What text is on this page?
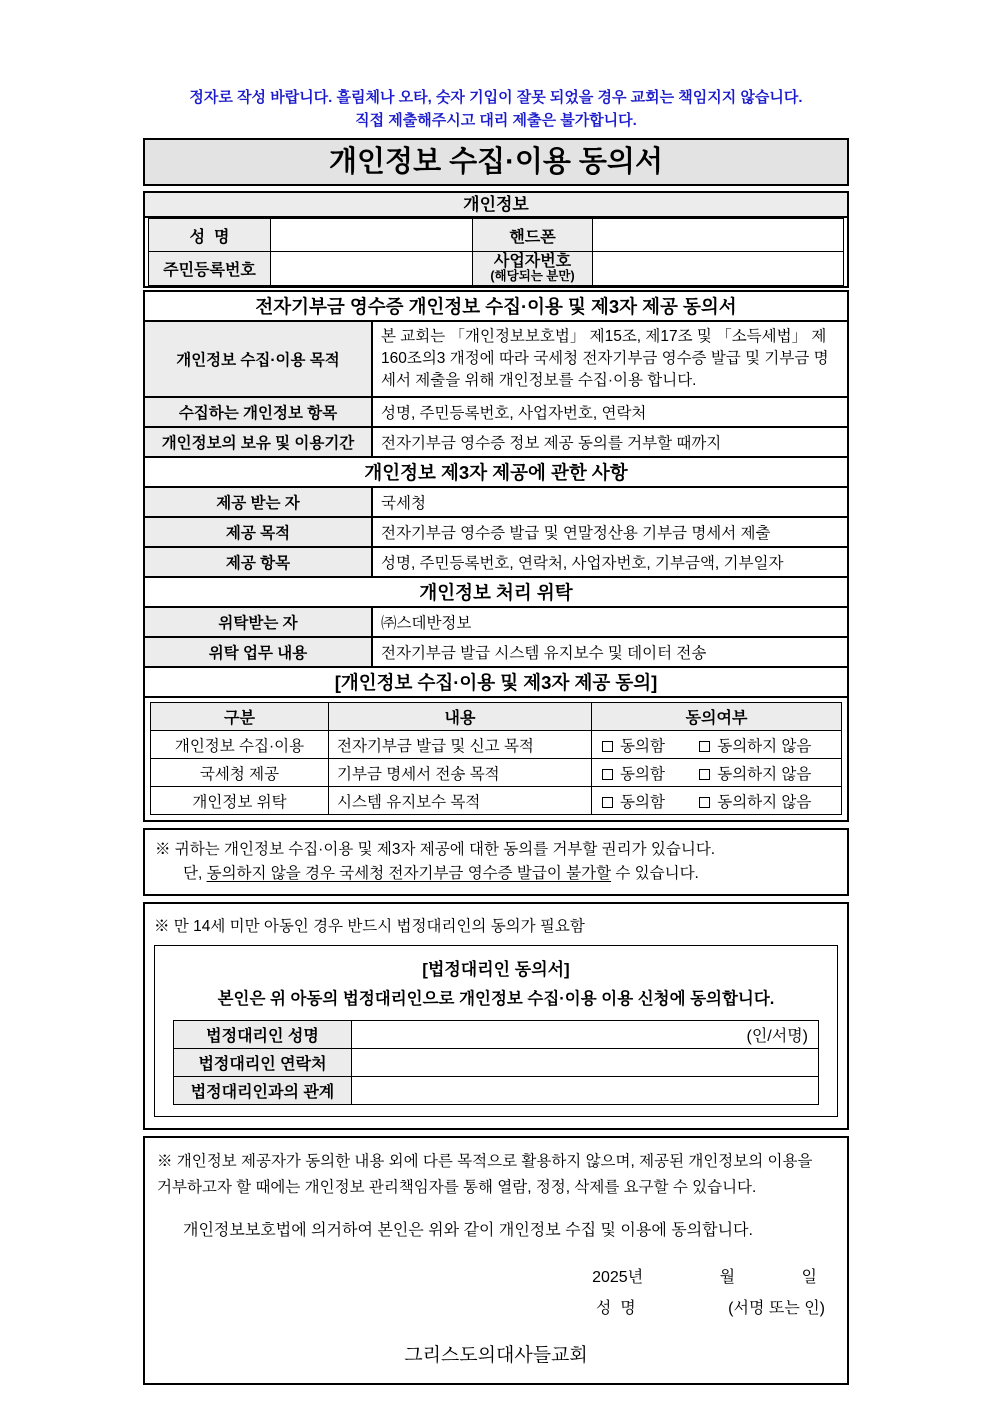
정자로 작성 바랍니다. 흘림체나 오타, 숫자 기입이 잘못 되었을 경우 교회는 책임지지 않습니다.
직접 제출해주시고 대리 제출은 불가합니다.
개인정보 수집·이용 동의서
개인정보
성  명		핸드폰	
주민등록번호		사업자번호
(해당되는 분만)	

전자기부금 영수증 개인정보 수집·이용 및 제3자 제공 동의서
개인정보 수집·이용 목적	본 교회는 「개인정보보호법」 제15조, 제17조 및 「소득세법」 제160조의3 개정에 따라 국세청 전자기부금 영수증 발급 및 기부금 명세서 제출을 위해 개인정보를 수집·이용 합니다.
수집하는 개인정보 항목	성명, 주민등록번호, 사업자번호, 연락처
개인정보의 보유 및 이용기간	전자기부금 영수증 정보 제공 동의를 거부할 때까지
개인정보 제3자 제공에 관한 사항
제공 받는 자	국세청
제공 목적	전자기부금 영수증 발급 및 연말정산용 기부금 명세서 제출
제공 항목	성명, 주민등록번호, 연락처, 사업자번호, 기부금액, 기부일자
개인정보 처리 위탁
위탁받는 자	㈜스데반정보
위탁 업무 내용	전자기부금 발급 시스템 유지보수 및 데이터 전송
[개인정보 수집·이용 및 제3자 제공 동의]
구분	내용	동의여부
개인정보 수집·이용	전자기부금 발급 및 신고 목적	동의함 동의하지 않음
국세청 제공	기부금 명세서 전송 목적	동의함 동의하지 않음
개인정보 위탁	시스템 유지보수 목적	동의함 동의하지 않음
※ 귀하는 개인정보 수집·이용 및 제3자 제공에 대한 동의를 거부할 권리가 있습니다.
단, 동의하지 않을 경우 국세청 전자기부금 영수증 발급이 불가할 수 있습니다.
※ 만 14세 미만 아동인 경우 반드시 법정대리인의 동의가 필요함
[법정대리인 동의서]
본인은 위 아동의 법정대리인으로 개인정보 수집·이용 이용 신청에 동의합니다.
법정대리인 성명	(인/서명)
법정대리인 연락처	
법정대리인과의 관계	
※ 개인정보 제공자가 동의한 내용 외에 다른 목적으로 활용하지 않으며, 제공된 개인정보의 이용을
거부하고자 할 때에는 개인정보 관리책임자를 통해 열람, 정정, 삭제를 요구할 수 있습니다.
개인정보보호법에 의거하여 본인은 위와 같이 개인정보 수집 및 이용에 동의합니다.
2025년	월	일
성  명	(서명 또는 인)
그리스도의대사들교회
